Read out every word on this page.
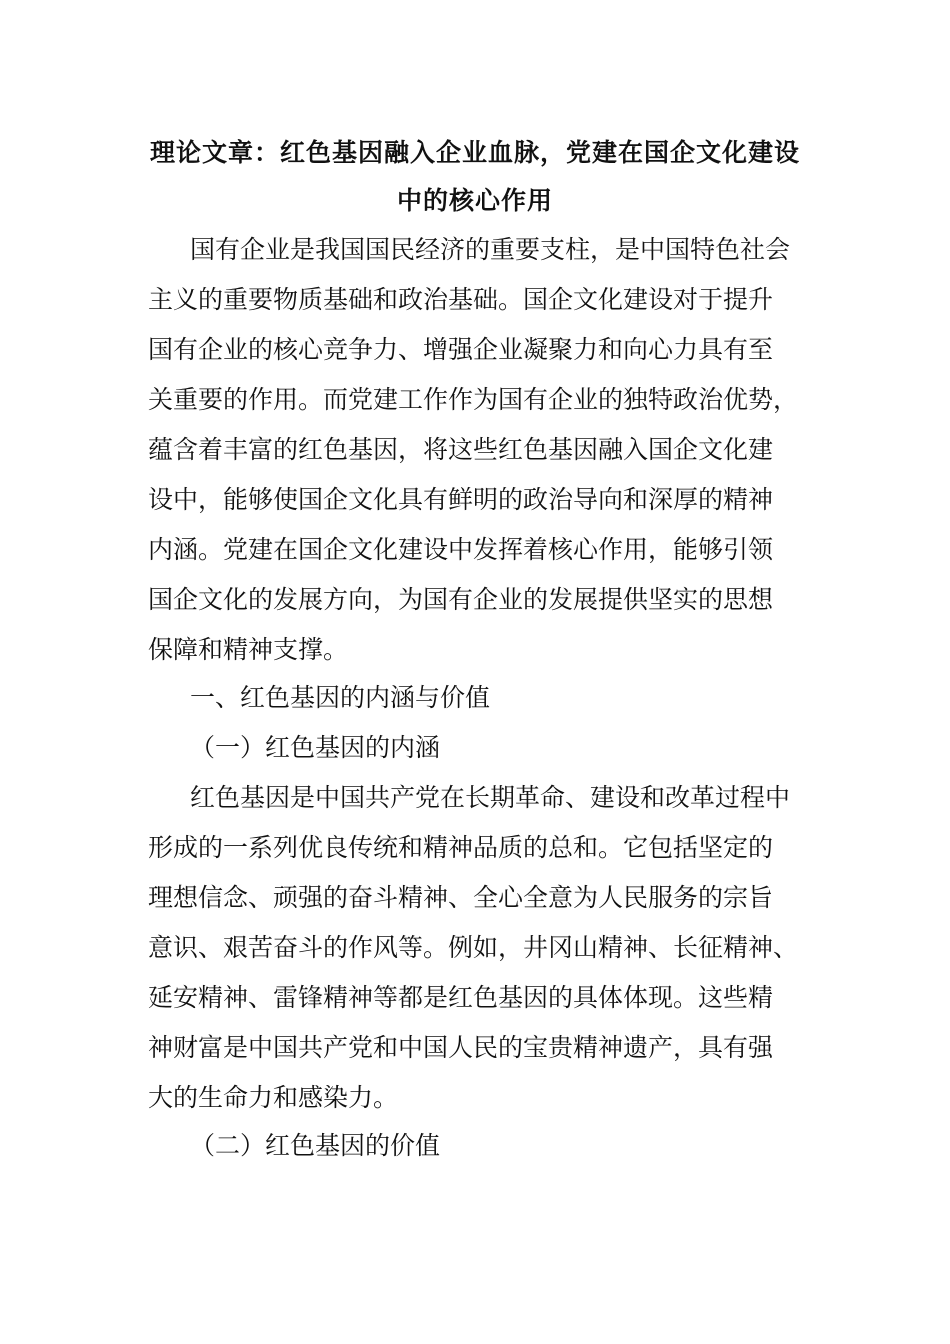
理论文章：红色基因融入企业血脉，党建在国企文化建设
中的核心作用

国有企业是我国国民经济的重要支柱，是中国特色社会

主义的重要物质基础和政治基础。国企文化建设对于提升

国有企业的核心竞争力、增强企业凝聚力和向心力具有至

关重要的作用。而党建工作作为国有企业的独特政治优势，

蕴含着丰富的红色基因，将这些红色基因融入国企文化建

设中，能够使国企文化具有鲜明的政治导向和深厚的精神

内涵。党建在国企文化建设中发挥着核心作用，能够引领

国企文化的发展方向，为国有企业的发展提供坚实的思想

保障和精神支撑。

一、红色基因的内涵与价值

（一）红色基因的内涵

红色基因是中国共产党在长期革命、建设和改革过程中

形成的一系列优良传统和精神品质的总和。它包括坚定的

理想信念、顽强的奋斗精神、全心全意为人民服务的宗旨

意识、艰苦奋斗的作风等。例如，井冈山精神、长征精神、

延安精神、雷锋精神等都是红色基因的具体体现。这些精

神财富是中国共产党和中国人民的宝贵精神遗产，具有强

大的生命力和感染力。

（二）红色基因的价值
